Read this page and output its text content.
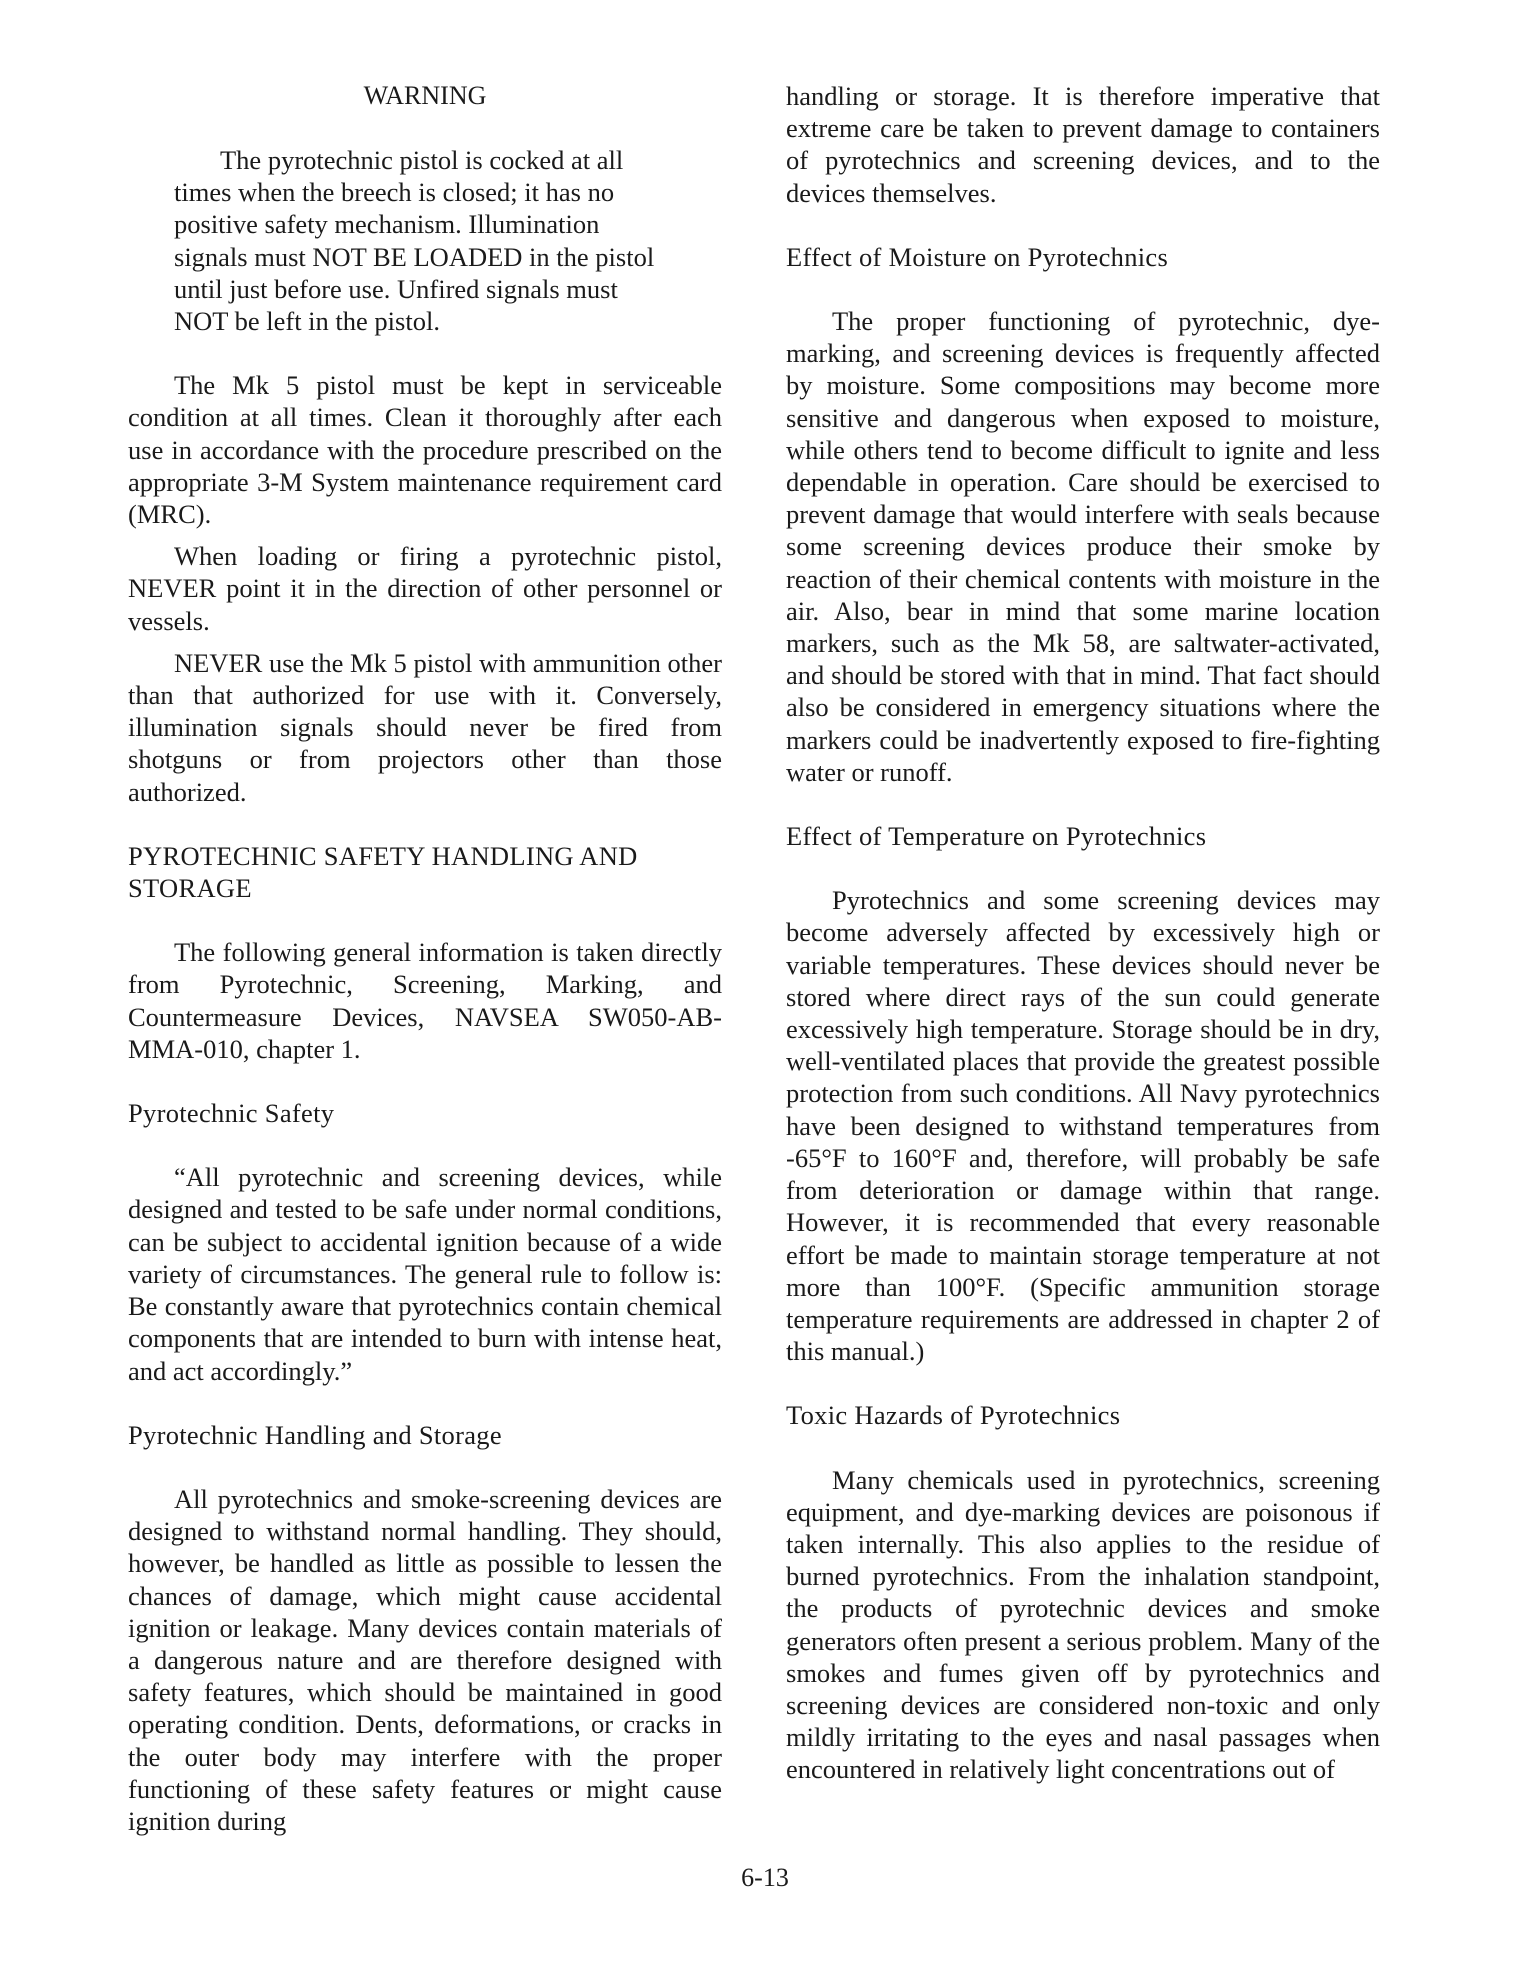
WARNING

The pyrotechnic pistol is cocked at all times when the breech is closed; it has no positive safety mechanism. Illumination signals must NOT BE LOADED in the pistol until just before use. Unfired signals must NOT be left in the pistol.

The Mk 5 pistol must be kept in serviceable condition at all times. Clean it thoroughly after each use in accordance with the procedure prescribed on the appropriate 3-M System maintenance requirement card (MRC).

When loading or firing a pyrotechnic pistol, NEVER point it in the direction of other personnel or vessels.

NEVER use the Mk 5 pistol with ammunition other than that authorized for use with it. Conversely, illumination signals should never be fired from shotguns or from projectors other than those authorized.

PYROTECHNIC SAFETY HANDLING AND STORAGE

The following general information is taken directly from Pyrotechnic, Screening, Marking, and Countermeasure Devices, NAVSEA SW050-AB-MMA-010, chapter 1.

Pyrotechnic Safety

“All pyrotechnic and screening devices, while designed and tested to be safe under normal conditions, can be subject to accidental ignition because of a wide variety of circumstances. The general rule to follow is: Be constantly aware that pyrotechnics contain chemical components that are intended to burn with intense heat, and act accordingly.”

Pyrotechnic Handling and Storage

All pyrotechnics and smoke-screening devices are designed to withstand normal handling. They should, however, be handled as little as possible to lessen the chances of damage, which might cause accidental ignition or leakage. Many devices contain materials of a dangerous nature and are therefore designed with safety features, which should be maintained in good operating condition. Dents, deformations, or cracks in the outer body may interfere with the proper functioning of these safety features or might cause ignition during

handling or storage. It is therefore imperative that extreme care be taken to prevent damage to containers of pyrotechnics and screening devices, and to the devices themselves.

Effect of Moisture on Pyrotechnics

The proper functioning of pyrotechnic, dye-marking, and screening devices is frequently affected by moisture. Some compositions may become more sensitive and dangerous when exposed to moisture, while others tend to become difficult to ignite and less dependable in operation. Care should be exercised to prevent damage that would interfere with seals because some screening devices produce their smoke by reaction of their chemical contents with moisture in the air. Also, bear in mind that some marine location markers, such as the Mk 58, are saltwater-activated, and should be stored with that in mind. That fact should also be considered in emergency situations where the markers could be inadvertently exposed to fire-fighting water or runoff.

Effect of Temperature on Pyrotechnics

Pyrotechnics and some screening devices may become adversely affected by excessively high or variable temperatures. These devices should never be stored where direct rays of the sun could generate excessively high temperature. Storage should be in dry, well-ventilated places that provide the greatest possible protection from such conditions. All Navy pyrotechnics have been designed to withstand temperatures from -65°F to 160°F and, therefore, will probably be safe from deterioration or damage within that range. However, it is recommended that every reasonable effort be made to maintain storage temperature at not more than 100°F. (Specific ammunition storage temperature requirements are addressed in chapter 2 of this manual.)

Toxic Hazards of Pyrotechnics

Many chemicals used in pyrotechnics, screening equipment, and dye-marking devices are poisonous if taken internally. This also applies to the residue of burned pyrotechnics. From the inhalation standpoint, the products of pyrotechnic devices and smoke generators often present a serious problem. Many of the smokes and fumes given off by pyrotechnics and screening devices are considered non-toxic and only mildly irritating to the eyes and nasal passages when encountered in relatively light concentrations out of

6-13
